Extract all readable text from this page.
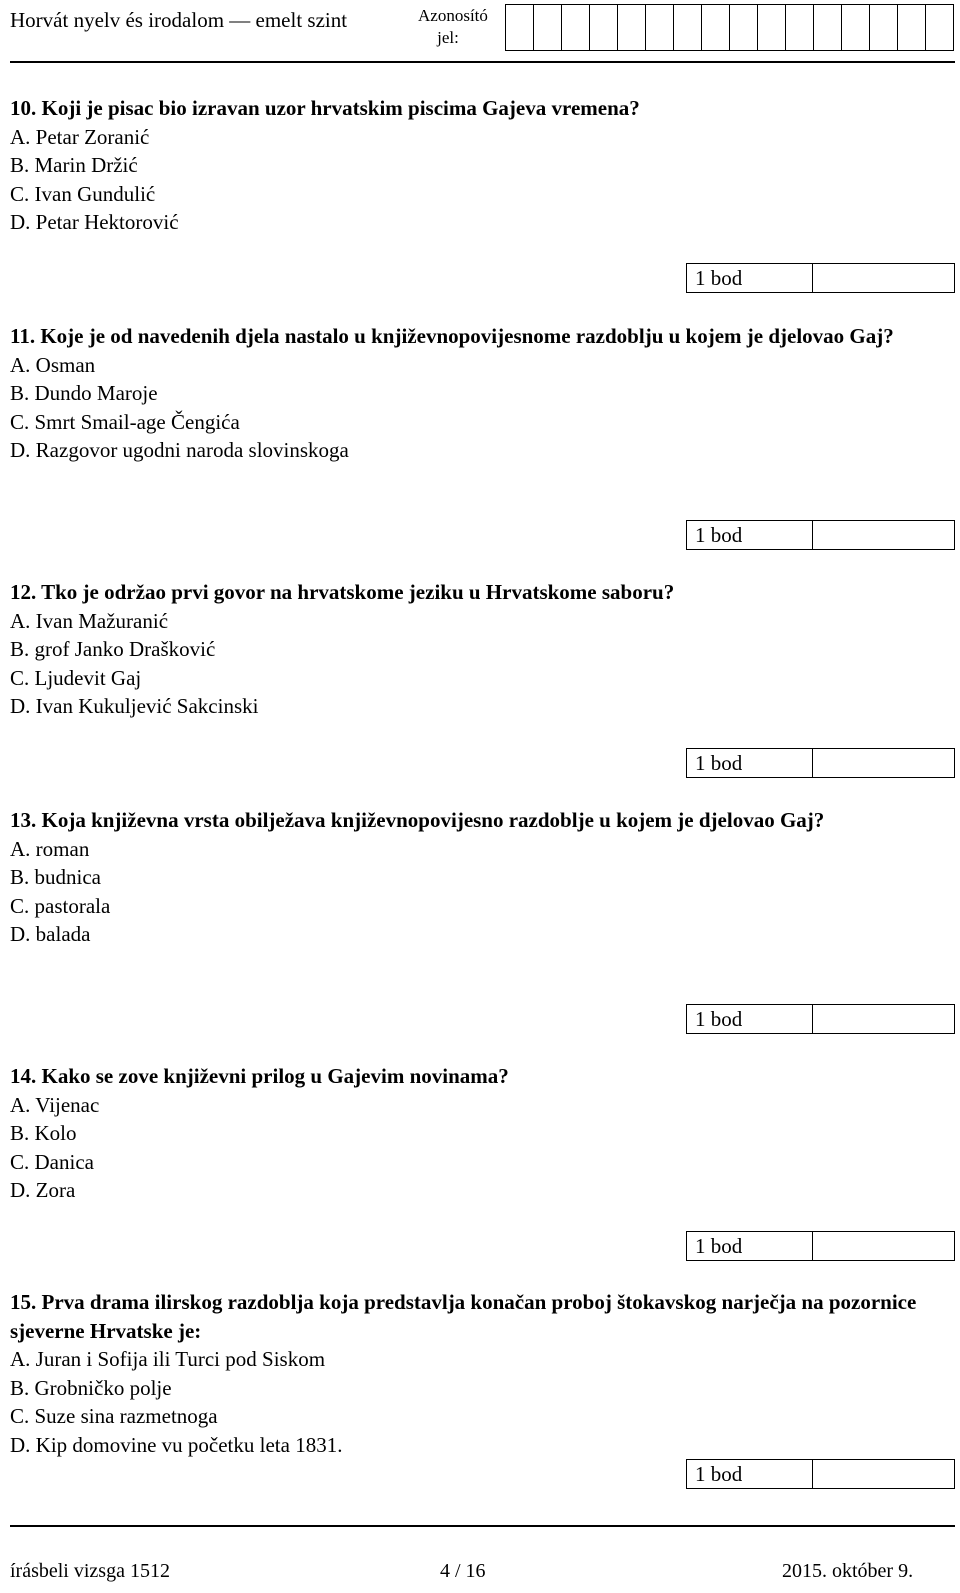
Horvát nyelv és irodalom — emelt szint	Azonosító
jel:
10. Koji je pisac bio izravan uzor hrvatskim piscima Gajeva vremena?
A. Petar Zoranić
B. Marin Držić
C. Ivan Gundulić
D. Petar Hektorović
1 bod
11. Koje je od navedenih djela nastalo u književnopovijesnome razdoblju u kojem je djelovao Gaj?
A. Osman
B. Dundo Maroje
C. Smrt Smail-age Čengića
D. Razgovor ugodni naroda slovinskoga
1 bod
12. Tko je održao prvi govor na hrvatskome jeziku u Hrvatskome saboru?
A. Ivan Mažuranić
B. grof Janko Drašković
C. Ljudevit Gaj
D. Ivan Kukuljević Sakcinski
1 bod
13. Koja književna vrsta obilježava književnopovijesno razdoblje u kojem je djelovao Gaj?
A. roman
B. budnica
C. pastorala
D. balada
1 bod
14. Kako se zove književni prilog u Gajevim novinama?
A. Vijenac
B. Kolo
C. Danica
D. Zora
1 bod
15. Prva drama ilirskog razdoblja koja predstavlja konačan proboj štokavskog narječja na pozornice sjeverne Hrvatske je:
A. Juran i Sofija ili Turci pod Siskom
B. Grobničko polje
C. Suze sina razmetnoga
D. Kip domovine vu početku leta 1831.
1 bod
írásbeli vizsga 1512	4 / 16	2015. október 9.
